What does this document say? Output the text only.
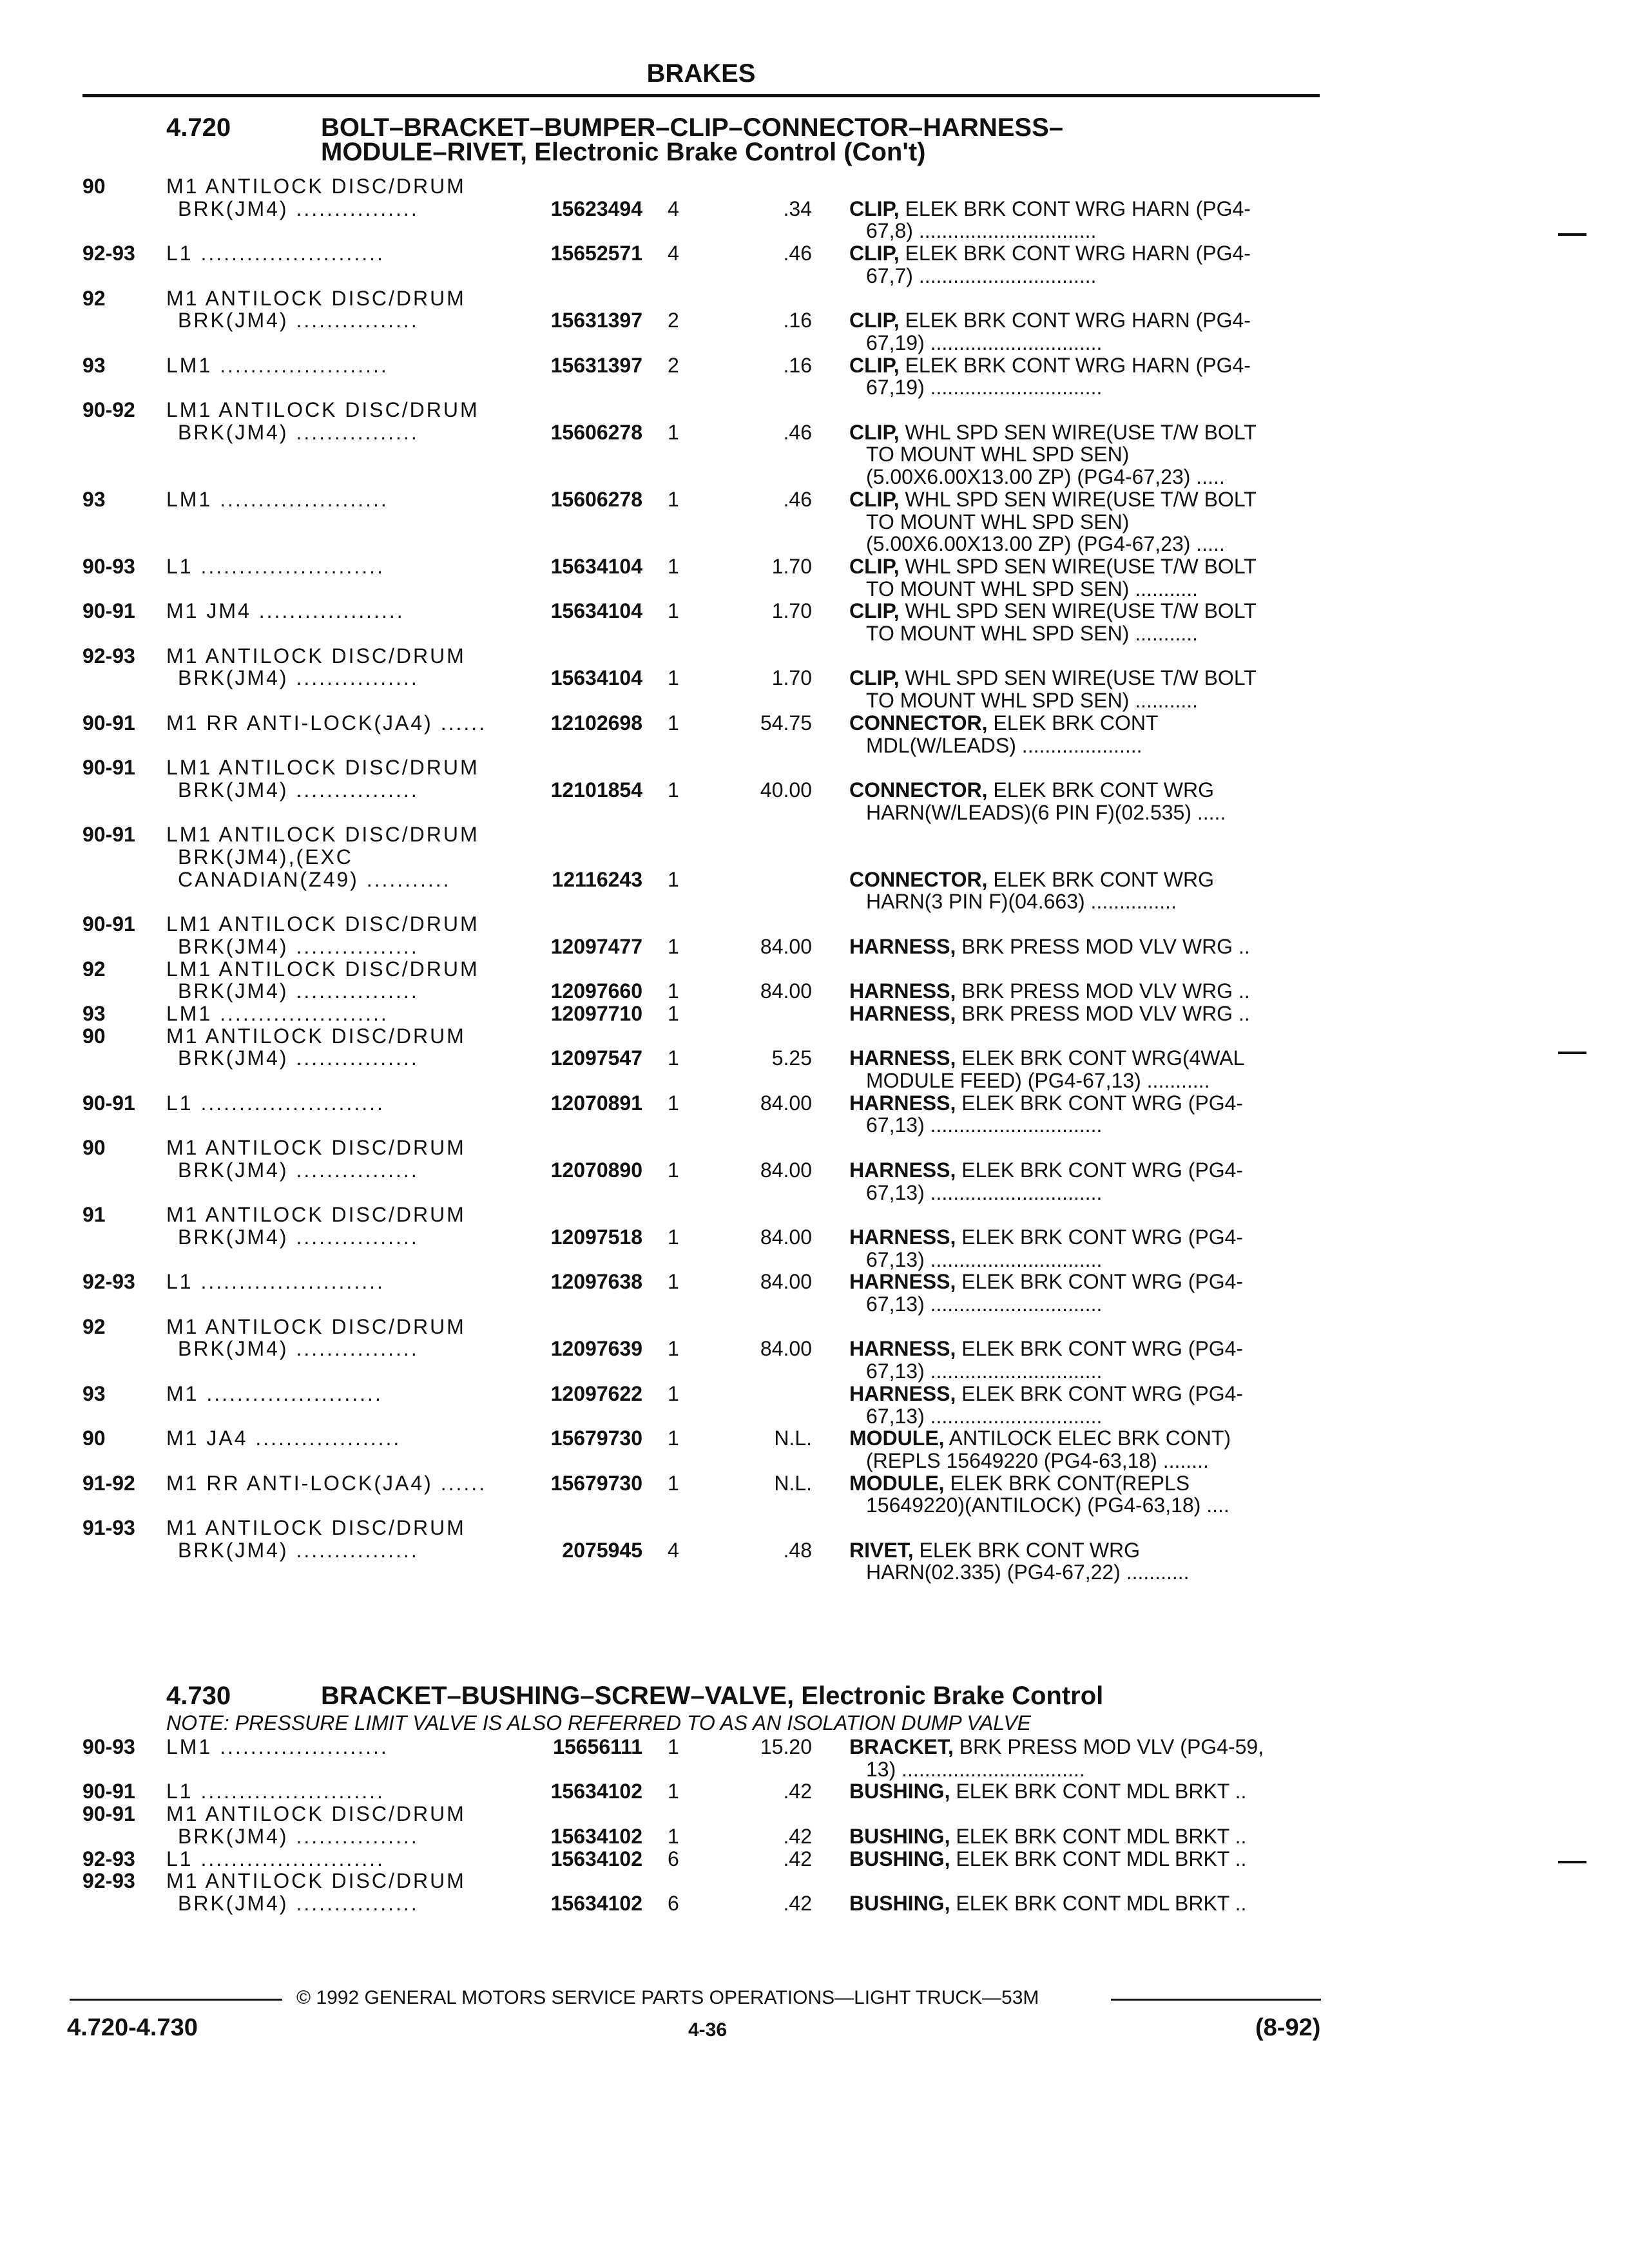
BRAKES
4.720	BOLT–BRACKET–BUMPER–CLIP–CONNECTOR–HARNESS–
MODULE–RIVET, Electronic Brake Control (Con't)
90	M1 ANTILOCK DISC/DRUM
BRK(JM4) ................	15623494 4	.34 CLIP, ELEK BRK CONT WRG HARN (PG4-
67,8) ...............................
92-93 L1 ........................	15652571 4	.46 CLIP, ELEK BRK CONT WRG HARN (PG4-
67,7) ...............................
92	M1 ANTILOCK DISC/DRUM
BRK(JM4) ................	15631397 2	.16 CLIP, ELEK BRK CONT WRG HARN (PG4-
67,19) ..............................
93	LM1 ......................	15631397 2	.16 CLIP, ELEK BRK CONT WRG HARN (PG4-
67,19) ..............................
90-92 LM1 ANTILOCK DISC/DRUM
BRK(JM4) ................	15606278 1	.46 CLIP, WHL SPD SEN WIRE(USE T/W BOLT
TO MOUNT WHL SPD SEN)
(5.00X6.00X13.00 ZP) (PG4-67,23) .....
93	LM1 ......................	15606278 1	.46 CLIP, WHL SPD SEN WIRE(USE T/W BOLT
TO MOUNT WHL SPD SEN)
(5.00X6.00X13.00 ZP) (PG4-67,23) .....
90-93 L1 ........................	15634104 1	1.70 CLIP, WHL SPD SEN WIRE(USE T/W BOLT
TO MOUNT WHL SPD SEN) ...........
90-91 M1 JM4 ...................	15634104 1	1.70 CLIP, WHL SPD SEN WIRE(USE T/W BOLT
TO MOUNT WHL SPD SEN) ...........
92-93 M1 ANTILOCK DISC/DRUM
BRK(JM4) ................	15634104 1	1.70 CLIP, WHL SPD SEN WIRE(USE T/W BOLT
TO MOUNT WHL SPD SEN) ...........
90-91 M1 RR ANTI-LOCK(JA4) ......	12102698 1	54.75 CONNECTOR, ELEK BRK CONT
MDL(W/LEADS) .....................
90-91 LM1 ANTILOCK DISC/DRUM
BRK(JM4) ................	12101854 1	40.00 CONNECTOR, ELEK BRK CONT WRG
HARN(W/LEADS)(6 PIN F)(02.535) .....
90-91 LM1 ANTILOCK DISC/DRUM
BRK(JM4),(EXC
CANADIAN(Z49) ...........	12116243 1	CONNECTOR, ELEK BRK CONT WRG
HARN(3 PIN F)(04.663) ...............
90-91 LM1 ANTILOCK DISC/DRUM
BRK(JM4) ................	12097477 1	84.00 HARNESS, BRK PRESS MOD VLV WRG ..
92	LM1 ANTILOCK DISC/DRUM
BRK(JM4) ................	12097660 1	84.00 HARNESS, BRK PRESS MOD VLV WRG ..
93	LM1 ......................	12097710 1	HARNESS, BRK PRESS MOD VLV WRG ..
90	M1 ANTILOCK DISC/DRUM
BRK(JM4) ................	12097547 1	5.25 HARNESS, ELEK BRK CONT WRG(4WAL
MODULE FEED) (PG4-67,13) ...........
90-91 L1 ........................	12070891 1	84.00 HARNESS, ELEK BRK CONT WRG (PG4-
67,13) ..............................
90	M1 ANTILOCK DISC/DRUM
BRK(JM4) ................	12070890 1	84.00 HARNESS, ELEK BRK CONT WRG (PG4-
67,13) ..............................
91	M1 ANTILOCK DISC/DRUM
BRK(JM4) ................	12097518 1	84.00 HARNESS, ELEK BRK CONT WRG (PG4-
67,13) ..............................
92-93 L1 ........................	12097638 1	84.00 HARNESS, ELEK BRK CONT WRG (PG4-
67,13) ..............................
92	M1 ANTILOCK DISC/DRUM
BRK(JM4) ................	12097639 1	84.00 HARNESS, ELEK BRK CONT WRG (PG4-
67,13) ..............................
93	M1 .......................	12097622 1	HARNESS, ELEK BRK CONT WRG (PG4-
67,13) ..............................
90	M1 JA4 ...................	15679730 1	N.L. MODULE, ANTILOCK ELEC BRK CONT)
(REPLS 15649220 (PG4-63,18) ........
91-92 M1 RR ANTI-LOCK(JA4) ......	15679730 1	N.L. MODULE, ELEK BRK CONT(REPLS
15649220)(ANTILOCK) (PG4-63,18) ....
91-93 M1 ANTILOCK DISC/DRUM
BRK(JM4) ................	2075945 4	.48 RIVET, ELEK BRK CONT WRG
HARN(02.335) (PG4-67,22) ...........
4.730	BRACKET–BUSHING–SCREW–VALVE, Electronic Brake Control
NOTE: PRESSURE LIMIT VALVE IS ALSO REFERRED TO AS AN ISOLATION DUMP VALVE
90-93 LM1 ......................	15656111 1	15.20 BRACKET, BRK PRESS MOD VLV (PG4-59,
13) ................................
90-91 L1 ........................	15634102 1	.42 BUSHING, ELEK BRK CONT MDL BRKT ..
90-91 M1 ANTILOCK DISC/DRUM
BRK(JM4) ................	15634102 1	.42 BUSHING, ELEK BRK CONT MDL BRKT ..
92-93 L1 ........................	15634102 6	.42 BUSHING, ELEK BRK CONT MDL BRKT ..
92-93 M1 ANTILOCK DISC/DRUM
BRK(JM4) ................	15634102 6	.42 BUSHING, ELEK BRK CONT MDL BRKT ..
© 1992 GENERAL MOTORS SERVICE PARTS OPERATIONS—LIGHT TRUCK—53M
4.720-4.730	4-36	(8-92)
